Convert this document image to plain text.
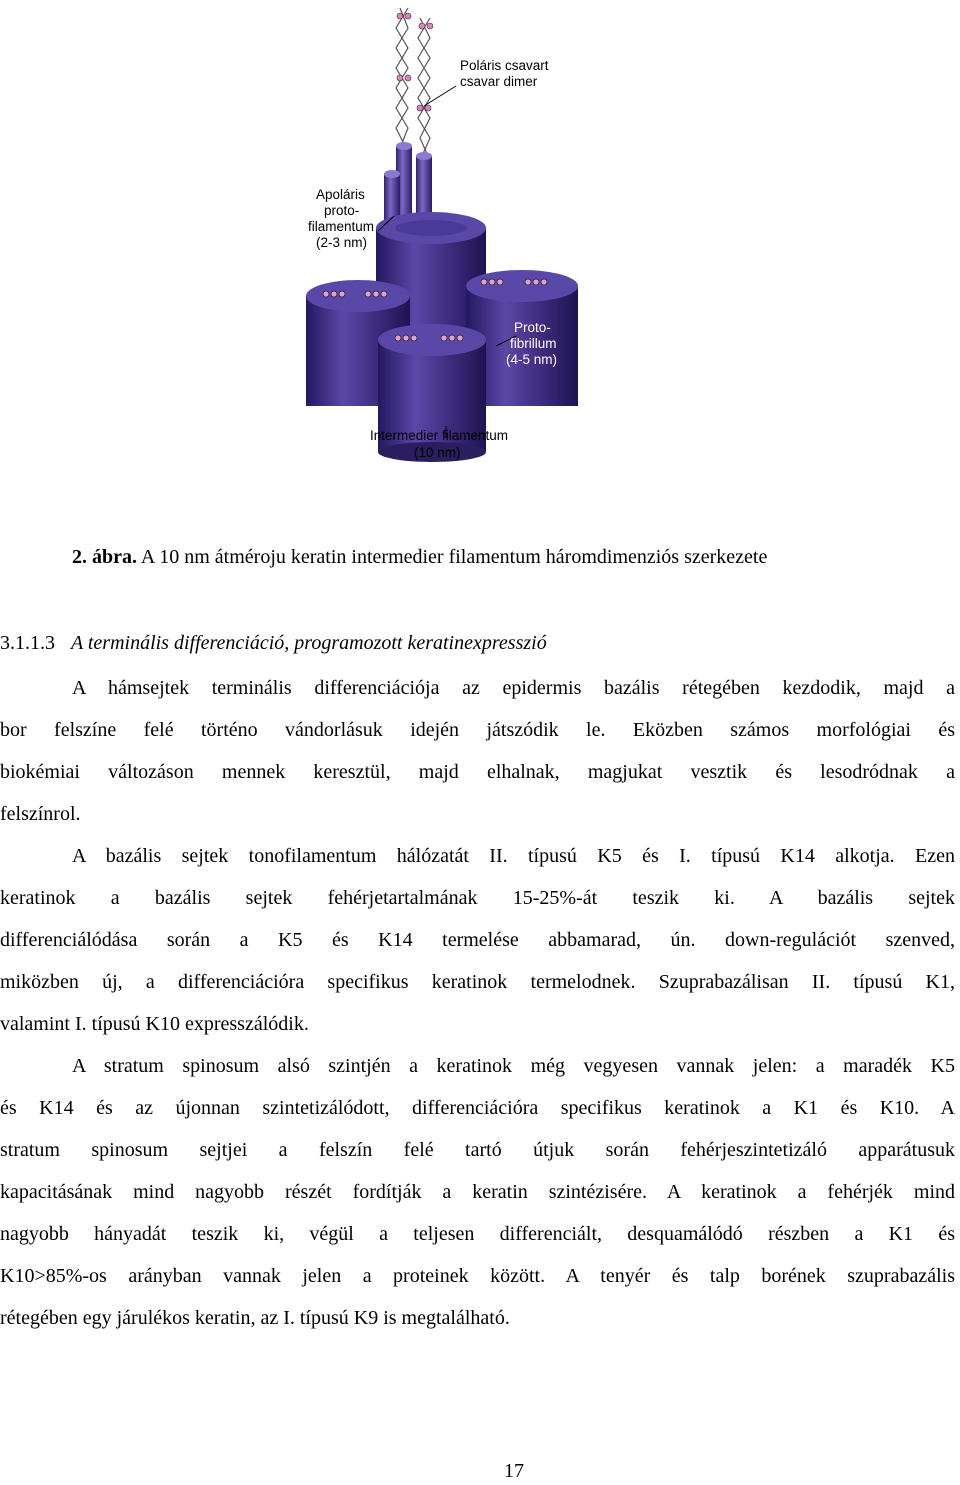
Poláris csavart csavar dimer
Apoláris proto- filamentum (2-3 nm)
Proto- fibrillum (4-5 nm)
Intermedier filamentum (10 nm)
2. ábra. A 10 nm átméroju keratin intermedier filamentum háromdimenziós szerkezete
3.1.1.3 A terminális differenciáció, programozott keratinexpresszió
A hámsejtek terminális differenciációja az epidermis bazális rétegében kezdodik, majd a
bor felszíne felé történo vándorlásuk idején játszódik le. Eközben számos morfológiai és
biokémiai változáson mennek keresztül, majd elhalnak, magjukat vesztik és lesodródnak a
felszínrol.
A bazális sejtek tonofilamentum hálózatát II. típusú K5 és I. típusú K14 alkotja. Ezen
keratinok a bazális sejtek fehérjetartalmának 15-25%-át teszik ki. A bazális sejtek
differenciálódása során a K5 és K14 termelése abbamarad, ún. down-regulációt szenved,
miközben új, a differenciációra specifikus keratinok termelodnek. Szuprabazálisan II. típusú K1,
valamint I. típusú K10 expresszálódik.
A stratum spinosum alsó szintjén a keratinok még vegyesen vannak jelen: a maradék K5
és K14 és az újonnan szintetizálódott, differenciációra specifikus keratinok a K1 és K10. A
stratum spinosum sejtjei a felszín felé tartó útjuk során fehérjeszintetizáló apparátusuk
kapacitásának mind nagyobb részét fordítják a keratin szintézisére. A keratinok a fehérjék mind
nagyobb hányadát teszik ki, végül a teljesen differenciált, desquamálódó részben a K1 és
K10>85%-os arányban vannak jelen a proteinek között. A tenyér és talp borének szuprabazális
rétegében egy járulékos keratin, az I. típusú K9 is megtalálható.
17
